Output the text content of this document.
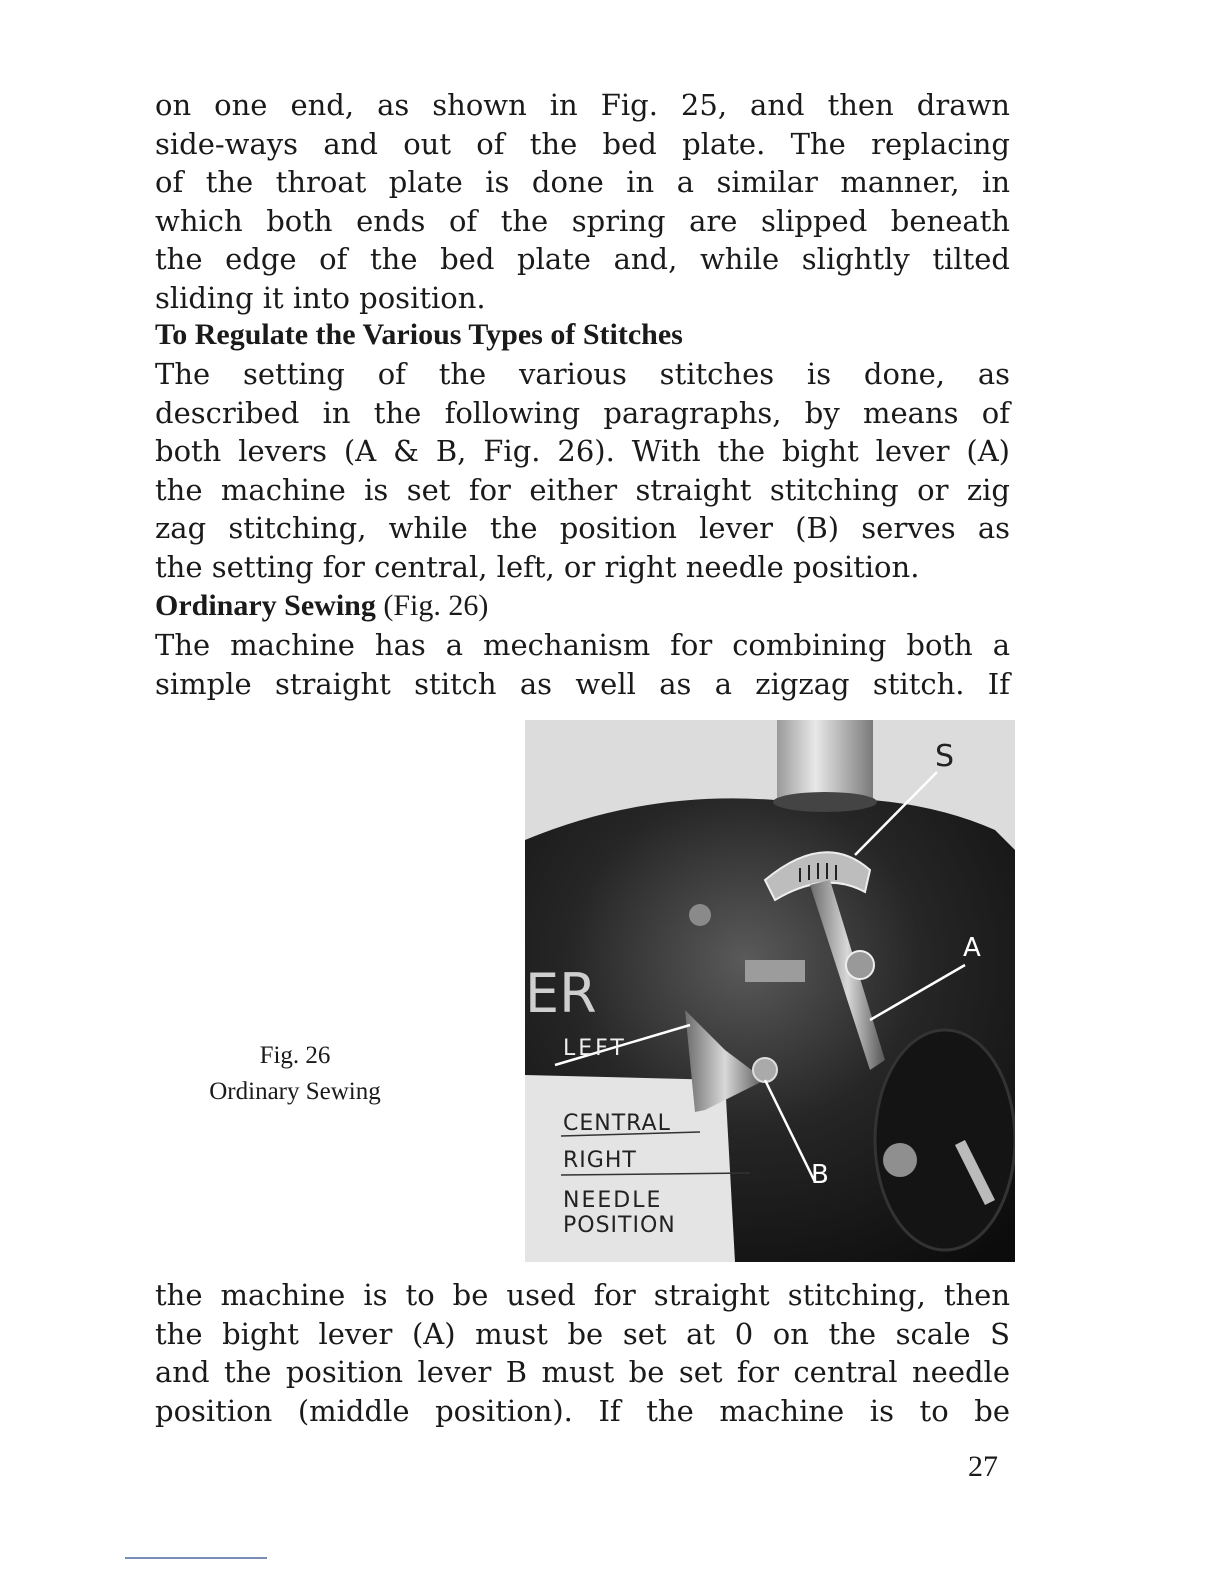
on one end, as shown in Fig. 25, and then drawn
side-ways and out of the bed plate. The replacing
of the throat plate is done in a similar manner, in
which both ends of the spring are slipped beneath
the edge of the bed plate and, while slightly tilted
sliding it into position.
To Regulate the Various Types of Stitches
The setting of the various stitches is done, as
described in the following paragraphs, by means of
both levers (A & B, Fig. 26). With the bight lever (A)
the machine is set for either straight stitching or zig
zag stitching, while the position lever (B) serves as
the setting for central, left, or right needle position.
Ordinary Sewing (Fig. 26)
The machine has a mechanism for combining both a
simple straight stitch as well as a zigzag stitch. If
Fig. 26
Ordinary Sewing
ER
S
A
B
LEFT
CENTRAL
RIGHT
NEEDLE
POSITION
the machine is to be used for straight stitching, then
the bight lever (A) must be set at 0 on the scale S
and the position lever B must be set for central needle
position (middle position). If the machine is to be
27
